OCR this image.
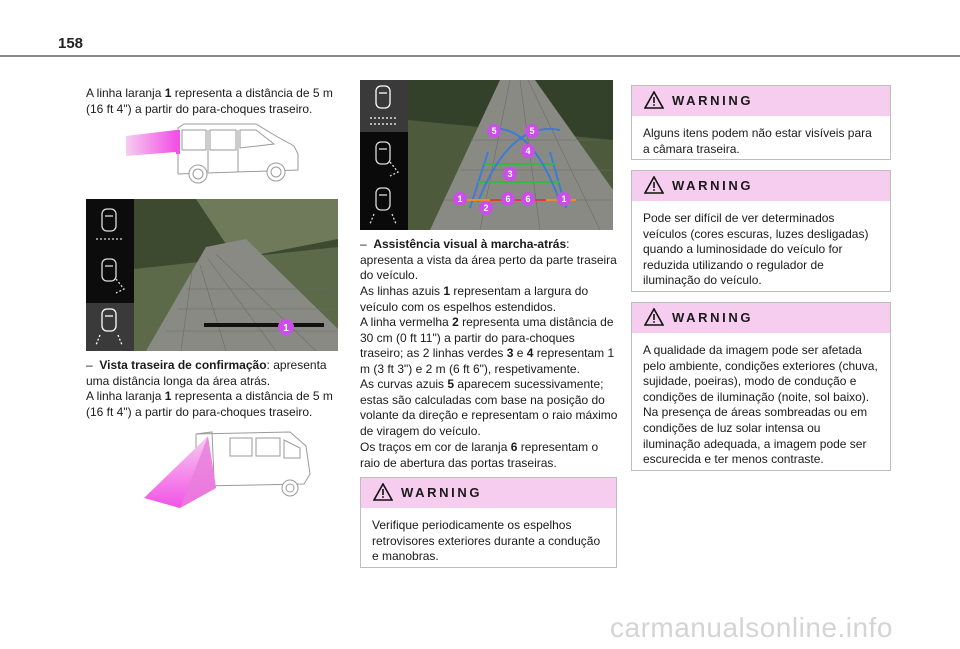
158

A linha laranja 1 representa a distância de 5 m (16 ft 4") a partir do para-choques traseiro.

1

–  Vista traseira de confirmação: apresenta uma distância longa da área atrás.

A linha laranja 1 representa a distância de 5 m (16 ft 4") a partir do para-choques traseiro.

5	5
4
3
1	6 6	1
2

–  Assistência visual à marcha-atrás: apresenta a vista da área perto da parte traseira do veículo.

As linhas azuis 1 representam a largura do veículo com os espelhos estendidos.

A linha vermelha 2 representa uma distância de 30 cm (0 ft 11") a partir do para-choques traseiro; as 2 linhas verdes 3 e 4 representam 1 m (3 ft 3") e 2 m (6 ft 6"), respetivamente.

As curvas azuis 5 aparecem sucessivamente; estas são calculadas com base na posição do volante da direção e representam o raio máximo de viragem do veículo.

Os traços em cor de laranja 6 representam o raio de abertura das portas traseiras.

WARNING
Verifique periodicamente os espelhos retrovisores exteriores durante a condução e manobras.
WARNING
Alguns itens podem não estar visíveis para a câmara traseira.
WARNING
Pode ser difícil de ver determinados veículos (cores escuras, luzes desligadas) quando a luminosidade do veículo for reduzida utilizando o regulador de iluminação do veículo.
WARNING
A qualidade da imagem pode ser afetada pelo ambiente, condições exteriores (chuva, sujidade, poeiras), modo de condução e condições de iluminação (noite, sol baixo). Na presença de áreas sombreadas ou em condições de luz solar intensa ou iluminação adequada, a imagem pode ser escurecida e ter menos contraste.
carmanualsonline.info
